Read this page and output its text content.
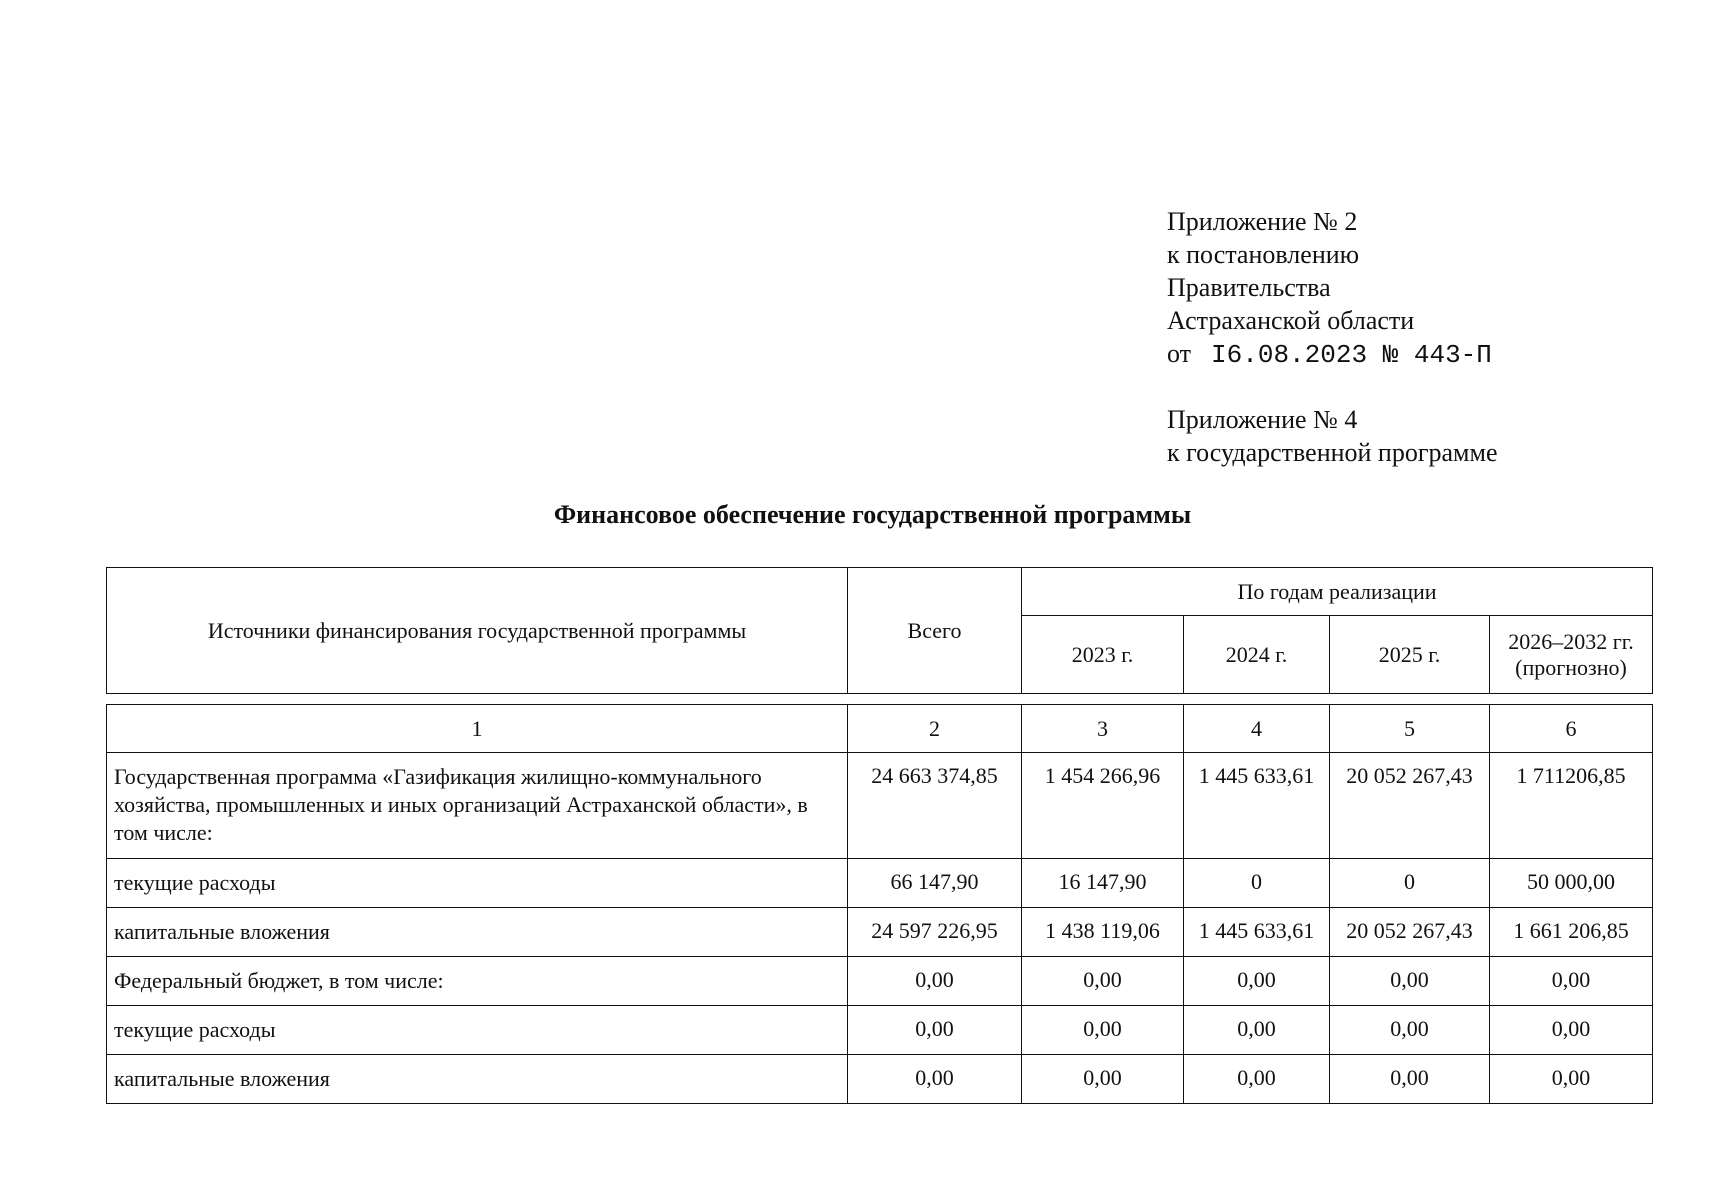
Приложение № 2
к постановлению
Правительства
Астраханской области
от I6.08.2023 № 443-П
Приложение № 4
к государственной программе
Финансовое обеспечение государственной программы
Источники финансирования государственной программы	Всего	По годам реализации			
		2023 г.	2024 г.	2025 г.	2026–2032 гг.
(прогнозно)
1	2	3	4	5	6
Государственная программа «Газификация жилищно-коммунального хозяйства, промышленных и иных организаций Астраханской области», в том числе:	24 663 374,85	1 454 266,96	1 445 633,61	20 052 267,43	1 711206,85
текущие расходы	66 147,90	16 147,90	0	0	50 000,00
капитальные вложения	24 597 226,95	1 438 119,06	1 445 633,61	20 052 267,43	1 661 206,85
Федеральный бюджет, в том числе:	0,00	0,00	0,00	0,00	0,00
текущие расходы	0,00	0,00	0,00	0,00	0,00
капитальные вложения	0,00	0,00	0,00	0,00	0,00
